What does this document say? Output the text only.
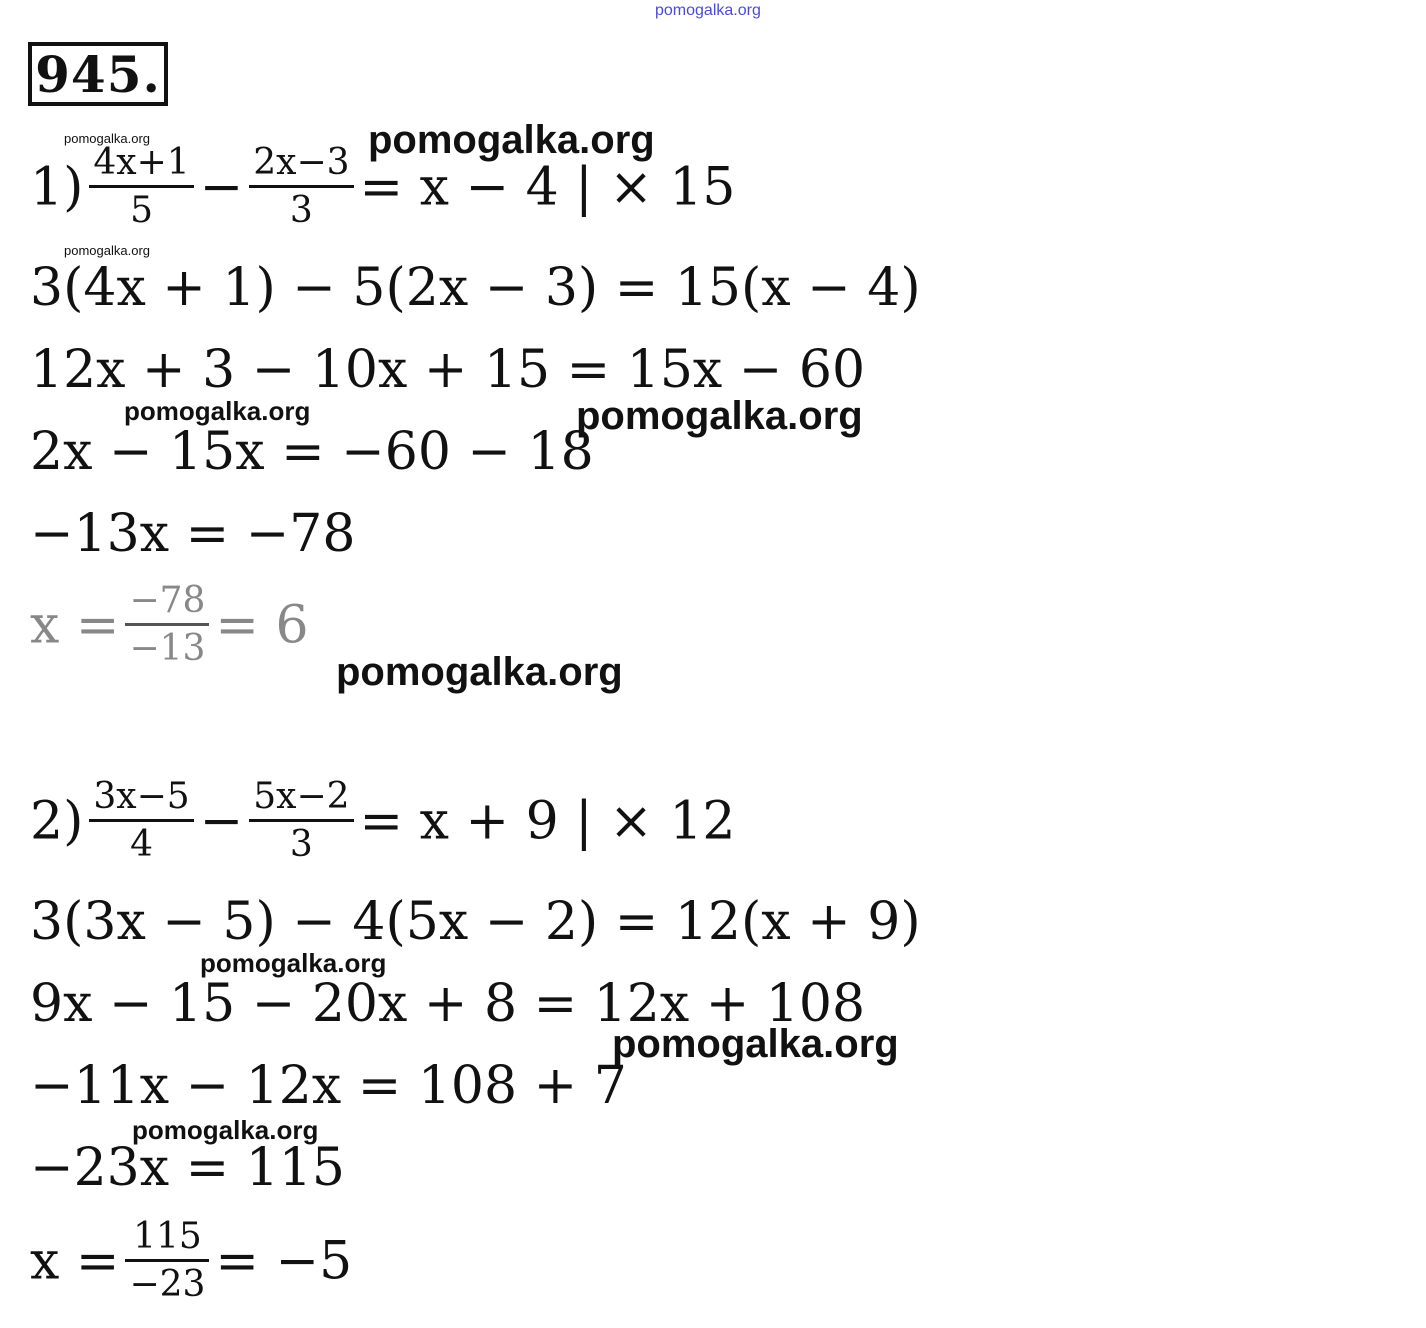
pomogalka.org
945.
$1) \frac{4x+1}{5} - \frac{2x-3}{3} = x - 4$ | × 15
3(4x + 1) − 5(2x − 3) = 15(x − 4)
12x + 3 − 10x + 15 = 15x − 60
2x − 15x = −60 − 18
−13x = −78
$x = \frac{-78}{-13} = 6$
$2) \frac{3x-5}{4} - \frac{5x-2}{3} = x + 9$ | × 12
3(3x − 5) − 4(5x − 2) = 12(x + 9)
9x − 15 − 20x + 8 = 12x + 108
−11x − 12x = 108 + 7
−23x = 115
$x = \frac{115}{-23} = -5$
pomogalka.org	pomogalka.org
pomogalka.org
pomogalka.org	pomogalka.org
pomogalka.org
pomogalka.org
pomogalka.org
pomogalka.org
